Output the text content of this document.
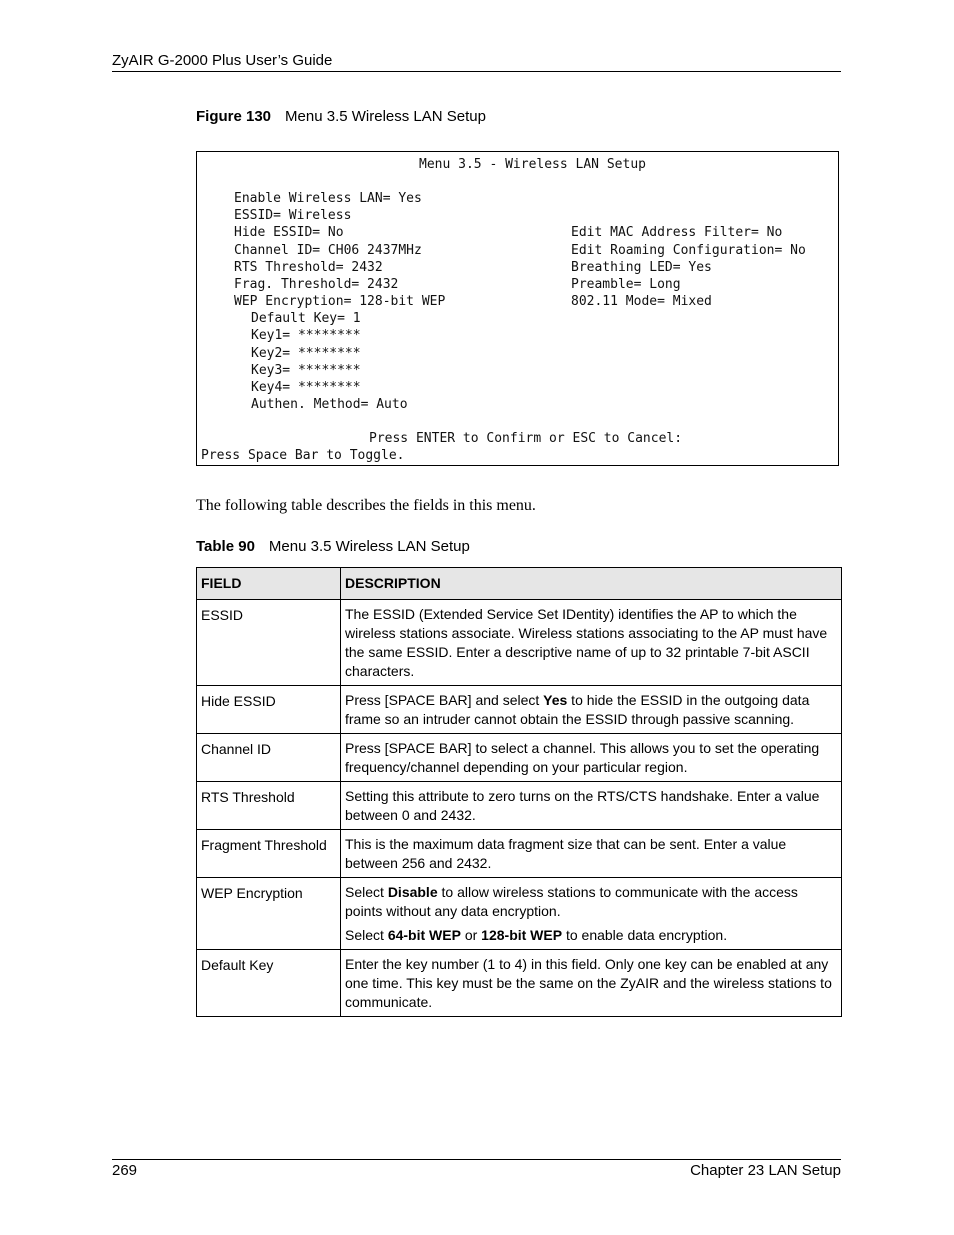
ZyAIR G-2000 Plus User’s Guide
Figure 130 Menu 3.5 Wireless LAN Setup
Menu 3.5 - Wireless LAN Setup
Enable Wireless LAN= Yes
ESSID= Wireless
Hide ESSID= No
Channel ID= CH06 2437MHz
RTS Threshold= 2432
Frag. Threshold= 2432
WEP Encryption= 128-bit WEP
Default Key= 1
Key1= ********
Key2= ********
Key3= ********
Key4= ********
Authen. Method= Auto
Edit MAC Address Filter= No
Edit Roaming Configuration= No
Breathing LED= Yes
Preamble= Long
802.11 Mode= Mixed
Press ENTER to Confirm or ESC to Cancel:
Press Space Bar to Toggle.
The following table describes the fields in this menu.
Table 90 Menu 3.5 Wireless LAN Setup
FIELD	DESCRIPTION
ESSID	The ESSID (Extended Service Set IDentity) identifies the AP to which the wireless stations associate. Wireless stations associating to the AP must have the same ESSID. Enter a descriptive name of up to 32 printable 7-bit ASCII characters.
Hide ESSID	Press [SPACE BAR] and select Yes to hide the ESSID in the outgoing data frame so an intruder cannot obtain the ESSID through passive scanning.
Channel ID	Press [SPACE BAR] to select a channel. This allows you to set the operating frequency/channel depending on your particular region.
RTS Threshold	Setting this attribute to zero turns on the RTS/CTS handshake. Enter a value between 0 and 2432.
Fragment Threshold	This is the maximum data fragment size that can be sent. Enter a value between 256 and 2432.
WEP Encryption	Select Disable to allow wireless stations to communicate with the access points without any data encryption.

Select 64-bit WEP or 128-bit WEP to enable data encryption.

Default Key	Enter the key number (1 to 4) in this field. Only one key can be enabled at any one time. This key must be the same on the ZyAIR and the wireless stations to communicate.
269	Chapter 23 LAN Setup
